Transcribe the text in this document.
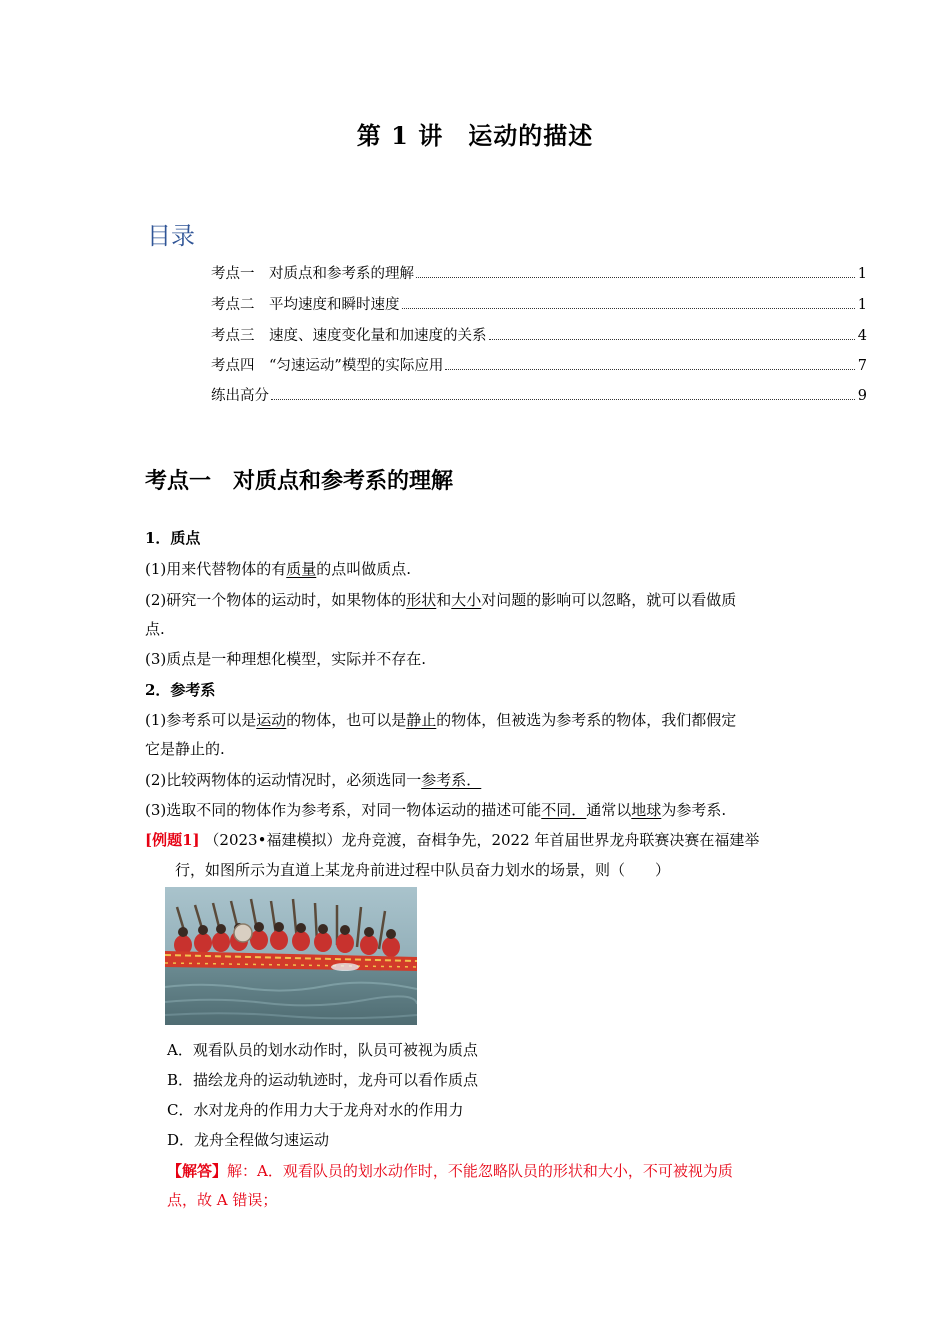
第 1 讲　运动的描述
目录
考点一　对质点和参考系的理解	1
考点二　平均速度和瞬时速度	1
考点三　速度、速度变化量和加速度的关系	4
考点四　“匀速运动”模型的实际应用	7
练出高分	9
考点一　对质点和参考系的理解
1．质点
(1)用来代替物体的有质量的点叫做质点.
(2)研究一个物体的运动时，如果物体的形状和大小对问题的影响可以忽略，就可以看做质
点.
(3)质点是一种理想化模型，实际并不存在.
2．参考系
(1)参考系可以是运动的物体，也可以是静止的物体，但被选为参考系的物体，我们都假定
它是静止的.
(2)比较两物体的运动情况时，必须选同一参考系．
(3)选取不同的物体作为参考系，对同一物体运动的描述可能不同．通常以地球为参考系.
[例题1] （2023•福建模拟）龙舟竞渡，奋楫争先，2022 年首届世界龙舟联赛决赛在福建举
行，如图所示为直道上某龙舟前进过程中队员奋力划水的场景，则（　　）
A．观看队员的划水动作时，队员可被视为质点
B．描绘龙舟的运动轨迹时，龙舟可以看作质点
C．水对龙舟的作用力大于龙舟对水的作用力
D．龙舟全程做匀速运动
【解答】解：A．观看队员的划水动作时，不能忽略队员的形状和大小，不可被视为质
点，故 A 错误；
